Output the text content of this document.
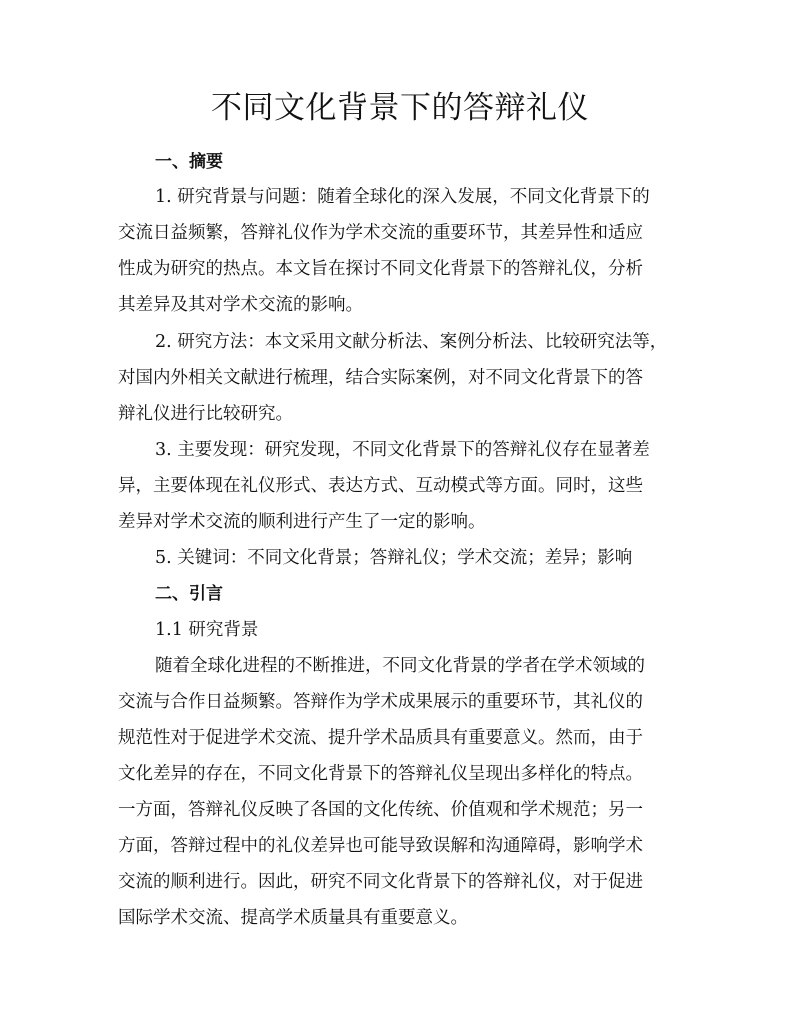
不同文化背景下的答辩礼仪
一、摘要

1. 研究背景与问题：随着全球化的深入发展，不同文化背景下的

交流日益频繁，答辩礼仪作为学术交流的重要环节，其差异性和适应

性成为研究的热点。本文旨在探讨不同文化背景下的答辩礼仪，分析

其差异及其对学术交流的影响。

2. 研究方法：本文采用文献分析法、案例分析法、比较研究法等，

对国内外相关文献进行梳理，结合实际案例，对不同文化背景下的答

辩礼仪进行比较研究。

3. 主要发现：研究发现，不同文化背景下的答辩礼仪存在显著差

异，主要体现在礼仪形式、表达方式、互动模式等方面。同时，这些

差异对学术交流的顺利进行产生了一定的影响。

5. 关键词：不同文化背景；答辩礼仪；学术交流；差异；影响

二、引言

1.1 研究背景

随着全球化进程的不断推进，不同文化背景的学者在学术领域的

交流与合作日益频繁。答辩作为学术成果展示的重要环节，其礼仪的

规范性对于促进学术交流、提升学术品质具有重要意义。然而，由于

文化差异的存在，不同文化背景下的答辩礼仪呈现出多样化的特点。

一方面，答辩礼仪反映了各国的文化传统、价值观和学术规范；另一

方面，答辩过程中的礼仪差异也可能导致误解和沟通障碍，影响学术

交流的顺利进行。因此，研究不同文化背景下的答辩礼仪，对于促进

国际学术交流、提高学术质量具有重要意义。
